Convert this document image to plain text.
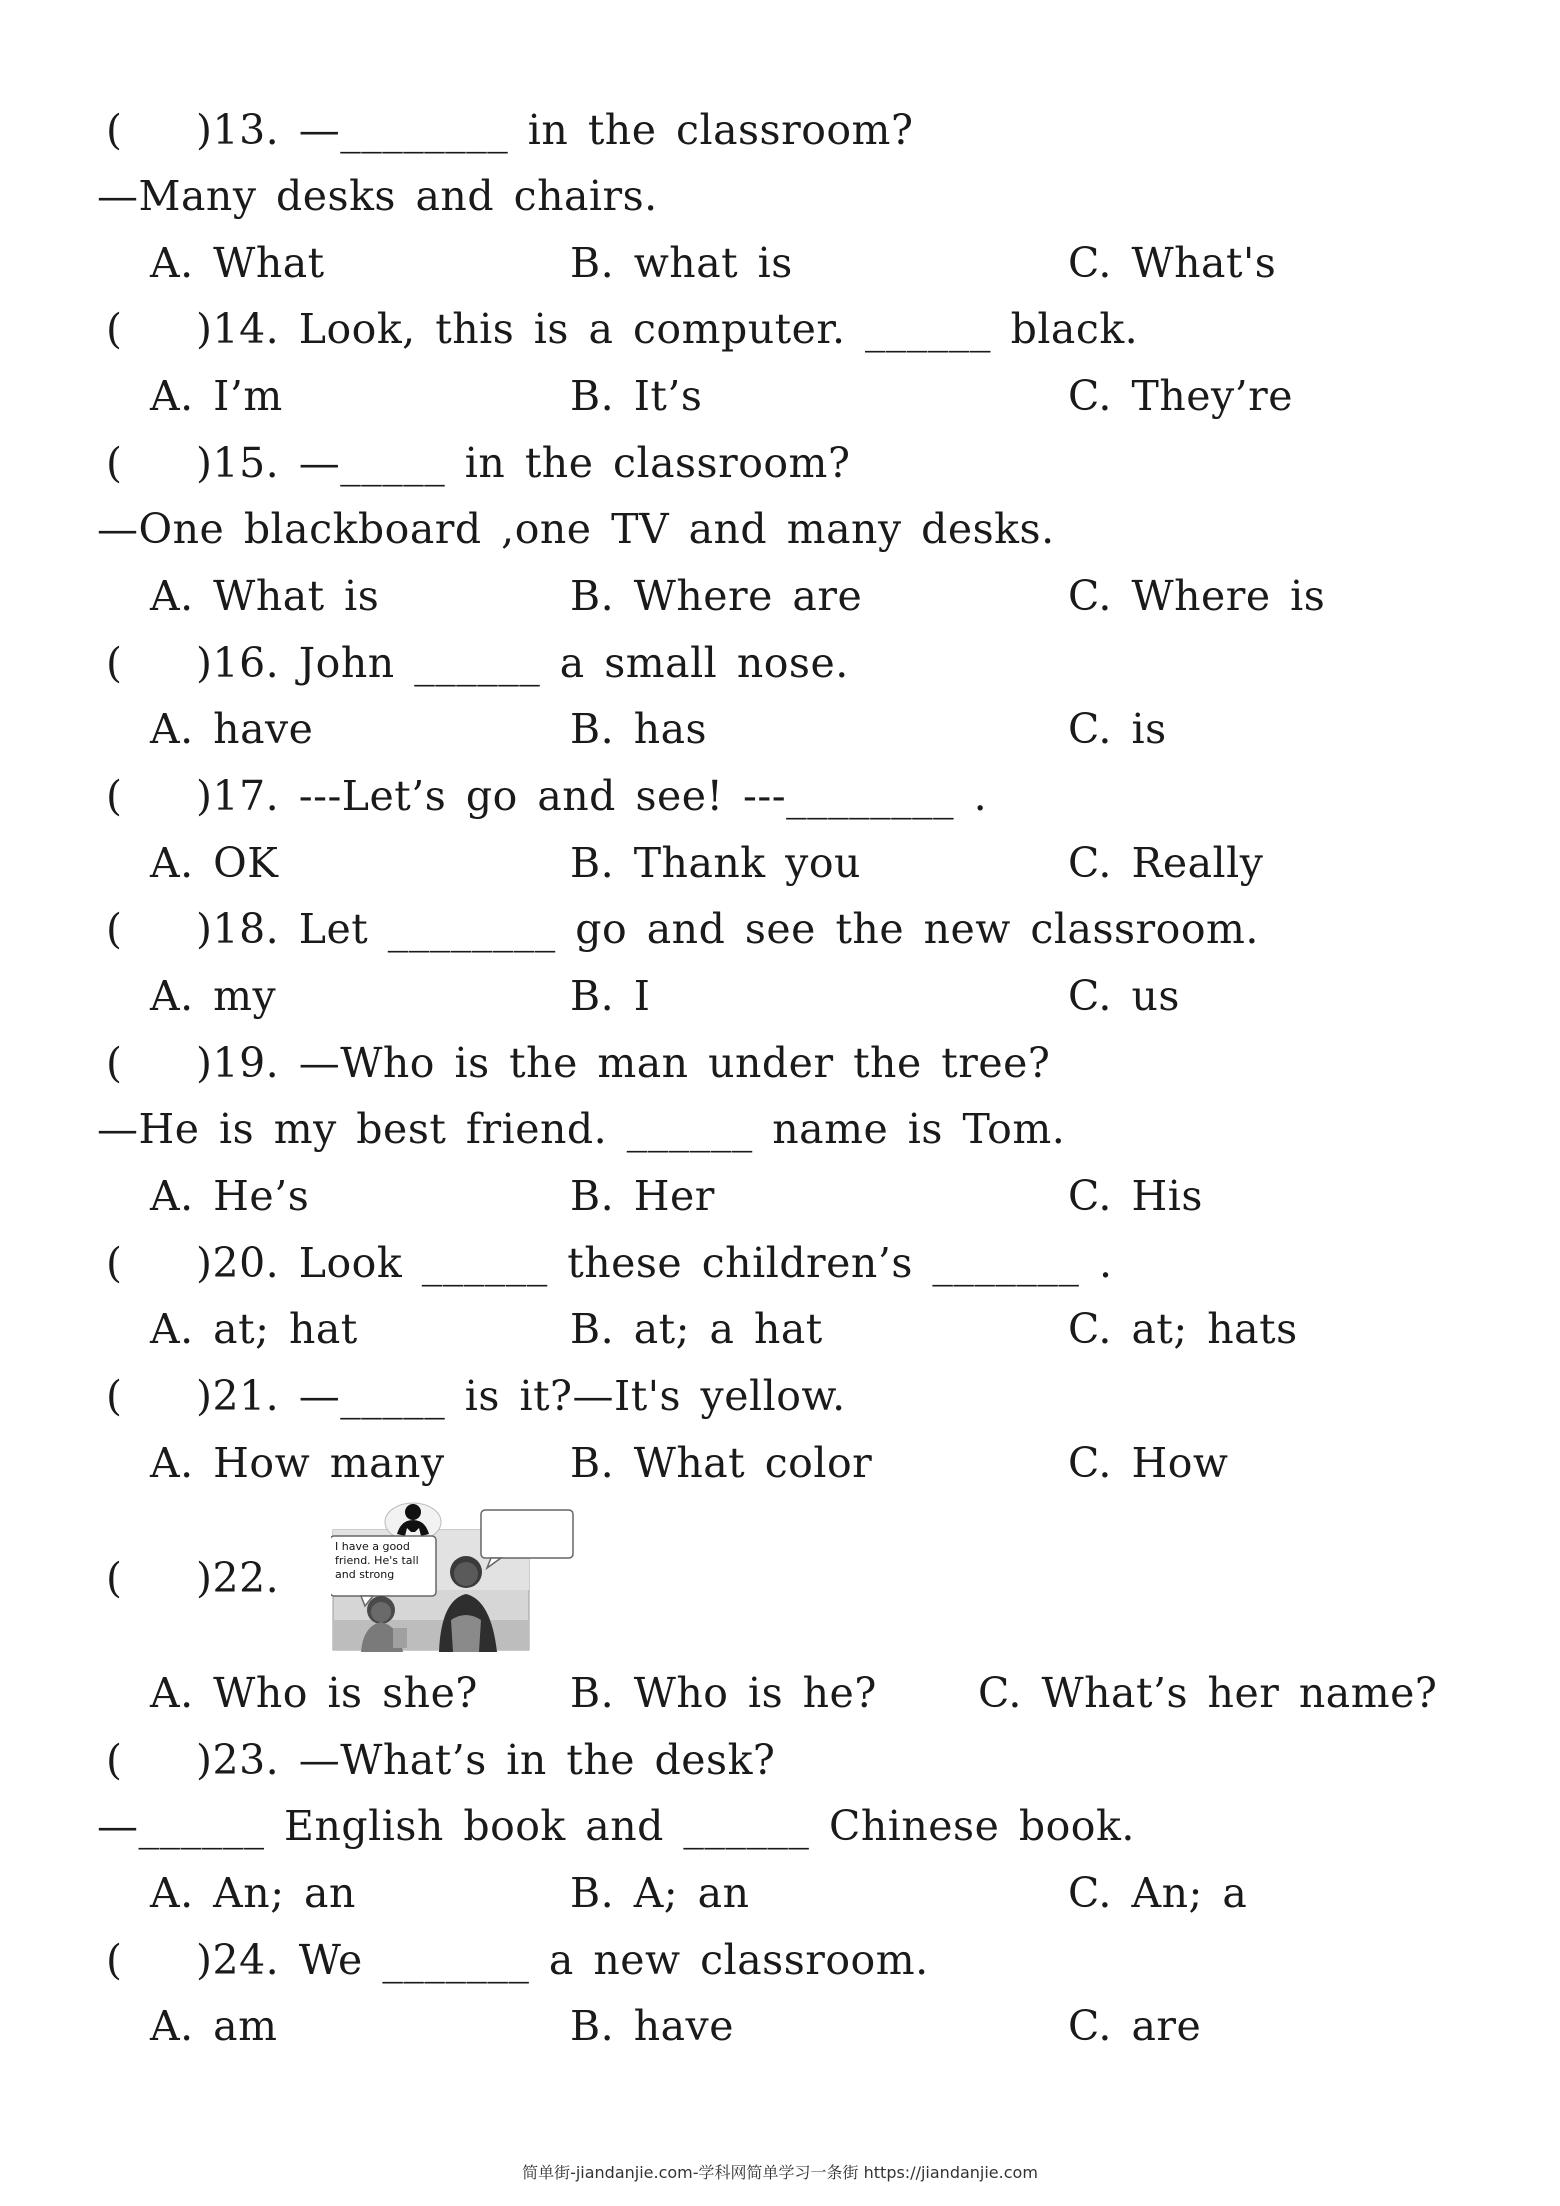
( )13. —________ in the classroom?
—Many desks and chairs.
A. What	B. what is	C. What's
( )14. Look, this is a computer. ______ black.
A. I’m	B. It’s	C. They’re
( )15. —_____ in the classroom?
—One blackboard ,one TV and many desks.
A. What is	B. Where are	C. Where is
( )16. John ______ a small nose.
A. have	B. has	C. is
( )17. ---Let’s go and see! ---________ .
A. OK	B. Thank you	C. Really
( )18. Let ________ go and see the new classroom.
A. my	B. I	C. us
( )19. —Who is the man under the tree?
—He is my best friend. ______ name is Tom.
A. He’s	B. Her	C. His
( )20. Look ______ these children’s _______ .
A. at; hat	B. at; a hat	C. at; hats
( )21. —_____ is it?—It's yellow.
A. How many	B. What color	C. How
( )22.
I have a good friend. He's tall and strong
A. Who is she? B. Who is he? C. What’s her name?
( )23. —What’s in the desk?
—______ English book and ______ Chinese book.
A. An; an	B. A; an	C. An; a
( )24. We _______ a new classroom.
A. am	B. have	C. are
简单街-jiandanjie.com-学科网简单学习一条街 https://jiandanjie.com
